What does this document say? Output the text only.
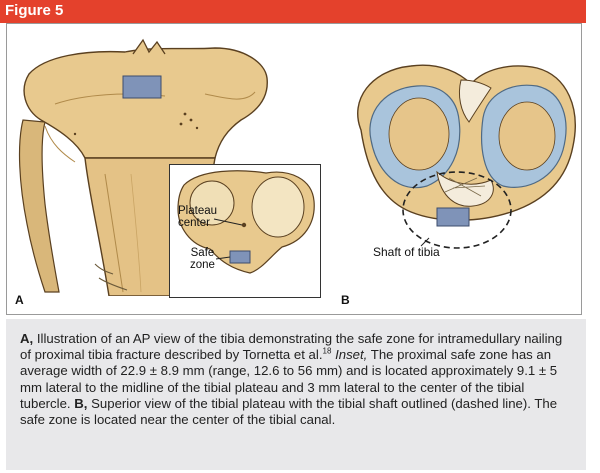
Figure 5
Plateau
center
Safe
zone
Shaft of tibia
A	B
A, Illustration of an AP view of the tibia demonstrating the safe zone for intramedullary nailing of proximal tibia fracture described by Tornetta et al.$^{18}$ Inset, The proximal safe zone has an average width of 22.9 ± 8.9 mm (range, 12.6 to 56 mm) and is located approximately 9.1 ± 5 mm lateral to the midline of the tibial plateau and 3 mm lateral to the center of the tibial tubercle. B, Superior view of the tibial plateau with the tibial shaft outlined (dashed line). The safe zone is located near the center of the tibial canal.
